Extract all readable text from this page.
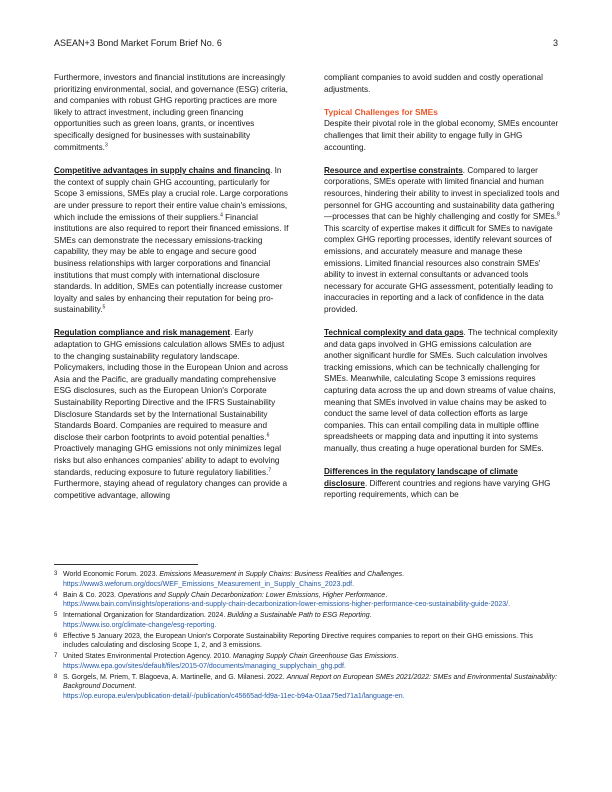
ASEAN+3 Bond Market Forum Brief No. 6	3

Furthermore, investors and financial institutions are increasingly prioritizing environmental, social, and governance (ESG) criteria, and companies with robust GHG reporting practices are more likely to attract investment, including green financing opportunities such as green loans, grants, or incentives specifically designed for businesses with sustainability commitments.$^3$

Competitive advantages in supply chains and financing. In the context of supply chain GHG accounting, particularly for Scope 3 emissions, SMEs play a crucial role. Large corporations are under pressure to report their entire value chain's emissions, which include the emissions of their suppliers.$^4$ Financial institutions are also required to report their financed emissions. If SMEs can demonstrate the necessary emissions-tracking capability, they may be able to engage and secure good business relationships with larger corporations and financial institutions that must comply with international disclosure standards. In addition, SMEs can potentially increase customer loyalty and sales by enhancing their reputation for being pro-sustainability.$^5$

Regulation compliance and risk management. Early adaptation to GHG emissions calculation allows SMEs to adjust to the changing sustainability regulatory landscape. Policymakers, including those in the European Union and across Asia and the Pacific, are gradually mandating comprehensive ESG disclosures, such as the European Union's Corporate Sustainability Reporting Directive and the IFRS Sustainability Disclosure Standards set by the International Sustainability Standards Board. Companies are required to measure and disclose their carbon footprints to avoid potential penalties.$^6$ Proactively managing GHG emissions not only minimizes legal risks but also enhances companies' ability to adapt to evolving standards, reducing exposure to future regulatory liabilities.$^7$ Furthermore, staying ahead of regulatory changes can provide a competitive advantage, allowing

compliant companies to avoid sudden and costly operational adjustments.

Typical Challenges for SMEs

Despite their pivotal role in the global economy, SMEs encounter challenges that limit their ability to engage fully in GHG accounting.

Resource and expertise constraints. Compared to larger corporations, SMEs operate with limited financial and human resources, hindering their ability to invest in specialized tools and personnel for GHG accounting and sustainability data gathering—processes that can be highly challenging and costly for SMEs.$^8$ This scarcity of expertise makes it difficult for SMEs to navigate complex GHG reporting processes, identify relevant sources of emissions, and accurately measure and manage these emissions. Limited financial resources also constrain SMEs' ability to invest in external consultants or advanced tools necessary for accurate GHG assessment, potentially leading to inaccuracies in reporting and a lack of confidence in the data provided.

Technical complexity and data gaps. The technical complexity and data gaps involved in GHG emissions calculation are another significant hurdle for SMEs. Such calculation involves tracking emissions, which can be technically challenging for SMEs. Meanwhile, calculating Scope 3 emissions requires capturing data across the up and down streams of value chains, meaning that SMEs involved in value chains may be asked to conduct the same level of data collection efforts as large companies. This can entail compiling data in multiple offline spreadsheets or mapping data and inputting it into systems manually, thus creating a huge operational burden for SMEs.

Differences in the regulatory landscape of climate disclosure. Different countries and regions have varying GHG reporting requirements, which can be

3 World Economic Forum. 2023. Emissions Measurement in Supply Chains: Business Realities and Challenges.
https://www3.weforum.org/docs/WEF_Emissions_Measurement_in_Supply_Chains_2023.pdf.
4 Bain & Co. 2023. Operations and Supply Chain Decarbonization: Lower Emissions, Higher Performance.
https://www.bain.com/insights/operations-and-supply-chain-decarbonization-lower-emissions-higher-performance-ceo-sustainability-guide-2023/.
5 International Organization for Standardization. 2024. Building a Sustainable Path to ESG Reporting.
https://www.iso.org/climate-change/esg-reporting.
6 Effective 5 January 2023, the European Union's Corporate Sustainability Reporting Directive requires companies to report on their GHG emissions. This includes calculating and disclosing Scope 1, 2, and 3 emissions.
7 United States Environmental Protection Agency. 2010. Managing Supply Chain Greenhouse Gas Emissions.
https://www.epa.gov/sites/default/files/2015-07/documents/managing_supplychain_ghg.pdf.
8 S. Gorgels, M. Priem, T. Blagoeva, A. Martinelle, and G. Milanesi. 2022. Annual Report on European SMEs 2021/2022: SMEs and Environmental Sustainability: Background Document.
https://op.europa.eu/en/publication-detail/-/publication/c45665ad-fd9a-11ec-b94a-01aa75ed71a1/language-en.
